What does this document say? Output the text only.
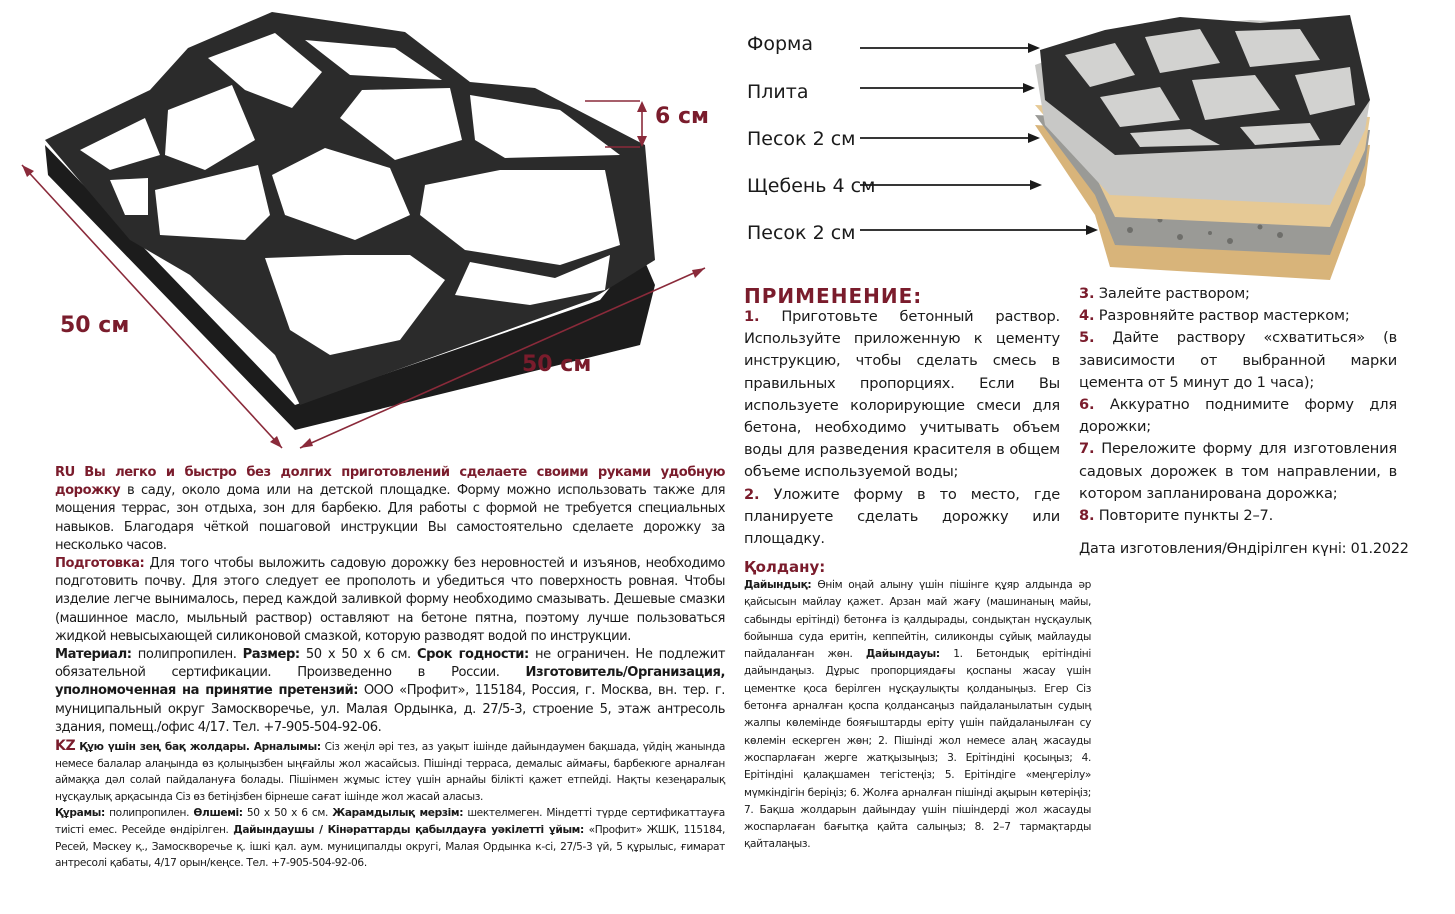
6 см
50 см
50 см
Форма
Плита
Песок 2 см
Щебень 4 см
Песок 2 см

RU Вы легко и быстро без долгих приготовлений сделаете своими руками удобную дорожку в саду, около дома или на детской площадке. Форму можно использовать также для мощения террас, зон отдыха, зон для барбекю. Для работы с формой не требуется специальных навыков. Благодаря чёткой пошаговой инструкции Вы самостоятельно сделаете дорожку за несколько часов.

Подготовка: Для того чтобы выложить садовую дорожку без неровностей и изъянов, необходимо подготовить почву. Для этого следует ее прополоть и убедиться что поверхность ровная. Чтобы изделие легче вынималось, перед каждой заливкой форму необходимо смазывать. Дешевые смазки (машинное масло, мыльный раствор) оставляют на бетоне пятна, поэтому лучше пользоваться жидкой невысыхающей силиконовой смазкой, которую разводят водой по инструкции.

Материал: полипропилен. Размер: 50 х 50 х 6 см. Срок годности: не ограничен. Не подлежит обязательной сертификации. Произведенно в России. Изготовитель/Организация, уполномоченная на принятие претензий: ООО «Профит», 115184, Россия, г. Москва, вн. тер. г. муниципальный округ Замоскворечье, ул. Малая Ордынка, д. 27/5-3, строение 5, этаж антресоль здания, помещ./офис 4/17. Тел. +7-905-504-92-06.

KZ Құю үшін зең бақ жолдары. Арналымы: Сіз жеңіл әрі тез, аз уақыт ішінде дайындаумен бақшада, үйдің жанында немесе балалар алаңында өз қолыңызбен ыңғайлы жол жасайсыз. Пішінді терраса, демалыс аймағы, барбекюге арналған аймаққа дәл солай пайдалануға болады. Пішінмен жұмыс істеу үшін арнайы білікті қажет етпейді. Нақты кезеңаралық нұсқаулық арқасында Сіз өз бетіңізбен бірнеше сағат ішінде жол жасай аласыз.

Құрамы: полипропилен. Өлшемі: 50 х 50 х 6 см. Жарамдылық мерзім: шектелмеген. Міндетті түрде сертификаттауға тиісті емес. Ресейде өндірілген. Дайындаушы / Кінәраттарды қабылдауға уәкілетті ұйым: «Профит» ЖШК, 115184, Ресей, Мәскеу қ., Замоскворечье қ. ішкі қал. аум. муниципалды округі, Малая Ордынка к-сі, 27/5-3 үй, 5 құрылыс, ғимарат антресолі қабаты, 4/17 орын/кеңсе. Тел. +7-905-504-92-06.

ПРИМЕНЕНИЕ:

1. Приготовьте бетонный раствор. Используйте приложенную к цементу инструкцию, чтобы сделать смесь в правильных пропорциях. Если Вы используете колорирующие смеси для бетона, необходимо учитывать объем воды для разведения красителя в общем объеме используемой воды;

2. Уложите форму в то место, где планируете сделать дорожку или площадку.

3. Залейте раствором;

4. Разровняйте раствор мастерком;

5. Дайте раствору «схватиться» (в зависимости от выбранной марки цемента от 5 минут до 1 часа);

6. Аккуратно поднимите форму для дорожки;

7. Переложите форму для изготовления садовых дорожек в том направлении, в котором запланирована дорожка;

8. Повторите пункты 2–7.

Дата изготовления/Өндірілген күні: 01.2022
Қолдану:

Дайындық: Өнім оңай алыну үшін пішінге құяр алдында әр қайсысын майлау қажет. Арзан май жағу (машинаның майы, сабынды ерітінді) бетонға із қалдырады, сондықтан нұсқаулық бойынша суда еритін, кеппейтін, силиконды сұйық майлауды пайдаланған жөн. Дайындауы: 1. Бетондық ерітіндіні дайындаңыз. Дұрыс пропорциядағы қоспаны жасау үшін цементке қоса берілген нұсқаулықты қолданыңыз. Егер Сіз бетонға арналған қоспа қолдансаңыз пайдаланылатын судың жалпы көлемінде бояғыштарды еріту үшін пайдаланылған су көлемін ескерген жөн; 2. Пішінді жол немесе алаң жасауды жоспарлаған жерге жатқызыңыз; 3. Ерітіндіні қосыңыз; 4. Ерітіндіні қалақшамен тегістеңіз; 5. Ерітіндіге «меңгерілу» мүмкіндігін беріңіз; 6. Жолға арналған пішінді ақырын көтеріңіз; 7. Бақша жолдарын дайындау үшін пішіндерді жол жасауды жоспарлаған бағытқа қайта салыңыз; 8. 2–7 тармақтарды қайталаңыз.
